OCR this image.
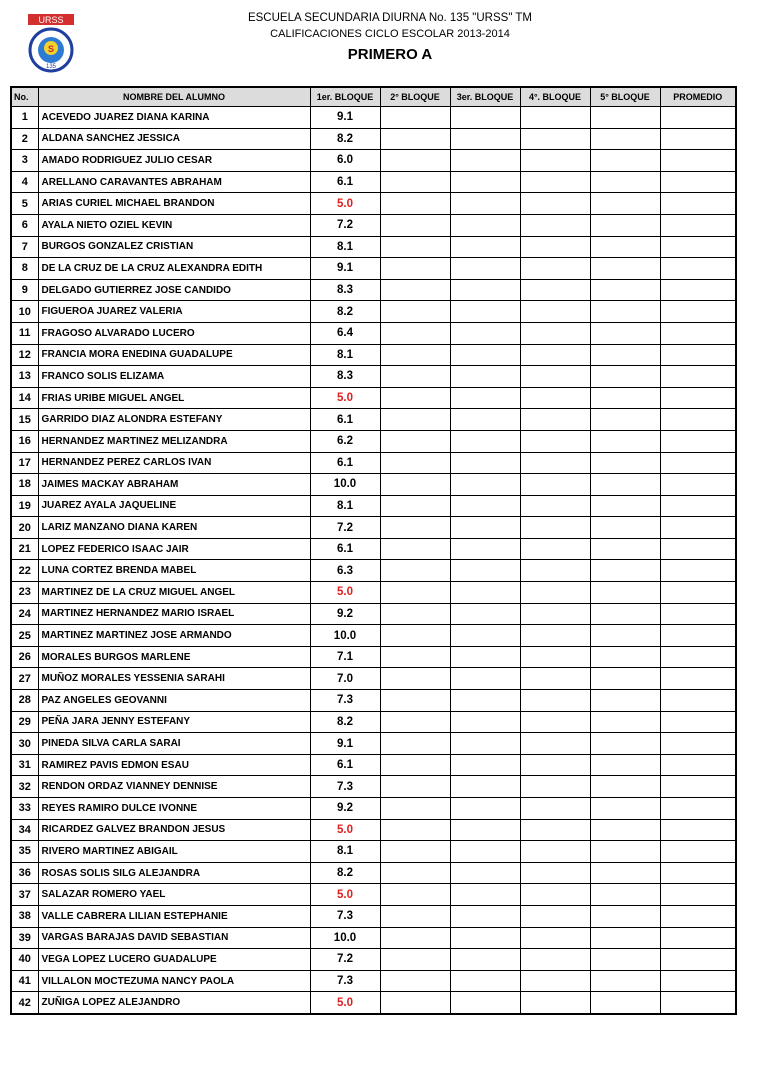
URSS
S
135
ESCUELA SECUNDARIA DIURNA No. 135 "URSS" TM
CALIFICACIONES CICLO ESCOLAR 2013-2014
PRIMERO A
No.	NOMBRE DEL ALUMNO	1er. BLOQUE	2° BLOQUE	3er. BLOQUE	4°. BLOQUE	5° BLOQUE	PROMEDIO
1	ACEVEDO JUAREZ DIANA KARINA	9.1					
2	ALDANA SANCHEZ JESSICA	8.2					
3	AMADO RODRIGUEZ JULIO CESAR	6.0					
4	ARELLANO CARAVANTES ABRAHAM	6.1					
5	ARIAS CURIEL MICHAEL BRANDON	5.0					
6	AYALA NIETO OZIEL KEVIN	7.2					
7	BURGOS GONZALEZ CRISTIAN	8.1					
8	DE LA CRUZ DE LA CRUZ ALEXANDRA EDITH	9.1					
9	DELGADO GUTIERREZ JOSE CANDIDO	8.3					
10	FIGUEROA JUAREZ VALERIA	8.2					
11	FRAGOSO ALVARADO LUCERO	6.4					
12	FRANCIA MORA ENEDINA GUADALUPE	8.1					
13	FRANCO SOLIS ELIZAMA	8.3					
14	FRIAS URIBE MIGUEL ANGEL	5.0					
15	GARRIDO DIAZ ALONDRA ESTEFANY	6.1					
16	HERNANDEZ MARTINEZ MELIZANDRA	6.2					
17	HERNANDEZ PEREZ CARLOS IVAN	6.1					
18	JAIMES MACKAY ABRAHAM	10.0					
19	JUAREZ AYALA JAQUELINE	8.1					
20	LARIZ MANZANO DIANA KAREN	7.2					
21	LOPEZ FEDERICO ISAAC JAIR	6.1					
22	LUNA CORTEZ BRENDA MABEL	6.3					
23	MARTINEZ DE LA CRUZ MIGUEL ANGEL	5.0					
24	MARTINEZ HERNANDEZ MARIO ISRAEL	9.2					
25	MARTINEZ MARTINEZ JOSE ARMANDO	10.0					
26	MORALES BURGOS MARLENE	7.1					
27	MUÑOZ MORALES YESSENIA SARAHI	7.0					
28	PAZ ANGELES GEOVANNI	7.3					
29	PEÑA JARA JENNY ESTEFANY	8.2					
30	PINEDA SILVA CARLA SARAI	9.1					
31	RAMIREZ PAVIS EDMON ESAU	6.1					
32	RENDON ORDAZ VIANNEY DENNISE	7.3					
33	REYES RAMIRO DULCE IVONNE	9.2					
34	RICARDEZ GALVEZ BRANDON JESUS	5.0					
35	RIVERO MARTINEZ ABIGAIL	8.1					
36	ROSAS SOLIS SILG ALEJANDRA	8.2					
37	SALAZAR ROMERO YAEL	5.0					
38	VALLE CABRERA LILIAN ESTEPHANIE	7.3					
39	VARGAS BARAJAS DAVID SEBASTIAN	10.0					
40	VEGA LOPEZ LUCERO GUADALUPE	7.2					
41	VILLALON MOCTEZUMA NANCY PAOLA	7.3					
42	ZUÑIGA LOPEZ ALEJANDRO	5.0					
